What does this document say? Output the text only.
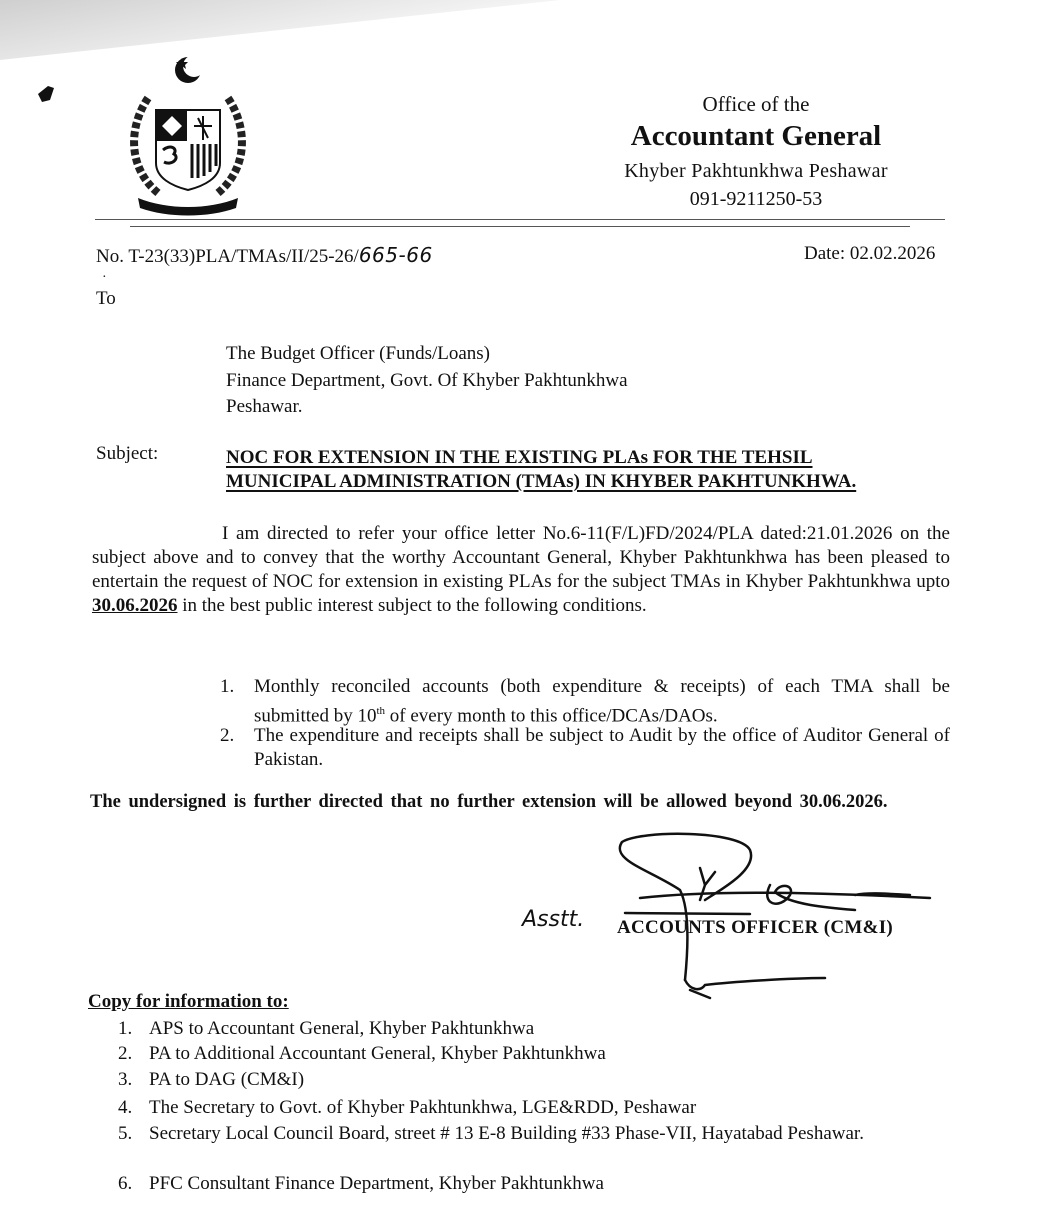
Office of the
Accountant General
Khyber Pakhtunkhwa Peshawar
091-9211250-53
No. T-23(33)PLA/TMAs/II/25-26/665-66	Date: 02.02.2026
·
To
The Budget Officer (Funds/Loans)
Finance Department, Govt. Of Khyber Pakhtunkhwa
Peshawar.
Subject:	NOC FOR EXTENSION IN THE EXISTING PLAs FOR THE TEHSIL
MUNICIPAL ADMINISTRATION (TMAs) IN KHYBER PAKHTUNKHWA.
I am directed to refer your office letter No.6-11(F/L)FD/2024/PLA dated:21.01.2026 on the subject above and to convey that the worthy Accountant General, Khyber Pakhtunkhwa has been pleased to entertain the request of NOC for extension in existing PLAs for the subject TMAs in Khyber Pakhtunkhwa upto 30.06.2026 in the best public interest subject to the following conditions.
1. Monthly reconciled accounts (both expenditure & receipts) of each TMA shall be submitted by 10th of every month to this office/DCAs/DAOs.
2. The expenditure and receipts shall be subject to Audit by the office of Auditor General of Pakistan.
The undersigned is further directed that no further extension will be allowed beyond 30.06.2026.
Asstt. ACCOUNTS OFFICER (CM&I)
Copy for information to:
1. APS to Accountant General, Khyber Pakhtunkhwa
2. PA to Additional Accountant General, Khyber Pakhtunkhwa
3. PA to DAG (CM&I)
4. The Secretary to Govt. of Khyber Pakhtunkhwa, LGE&RDD, Peshawar
5. Secretary Local Council Board, street # 13 E-8 Building #33 Phase-VII, Hayatabad Peshawar.
6. PFC Consultant Finance Department, Khyber Pakhtunkhwa
